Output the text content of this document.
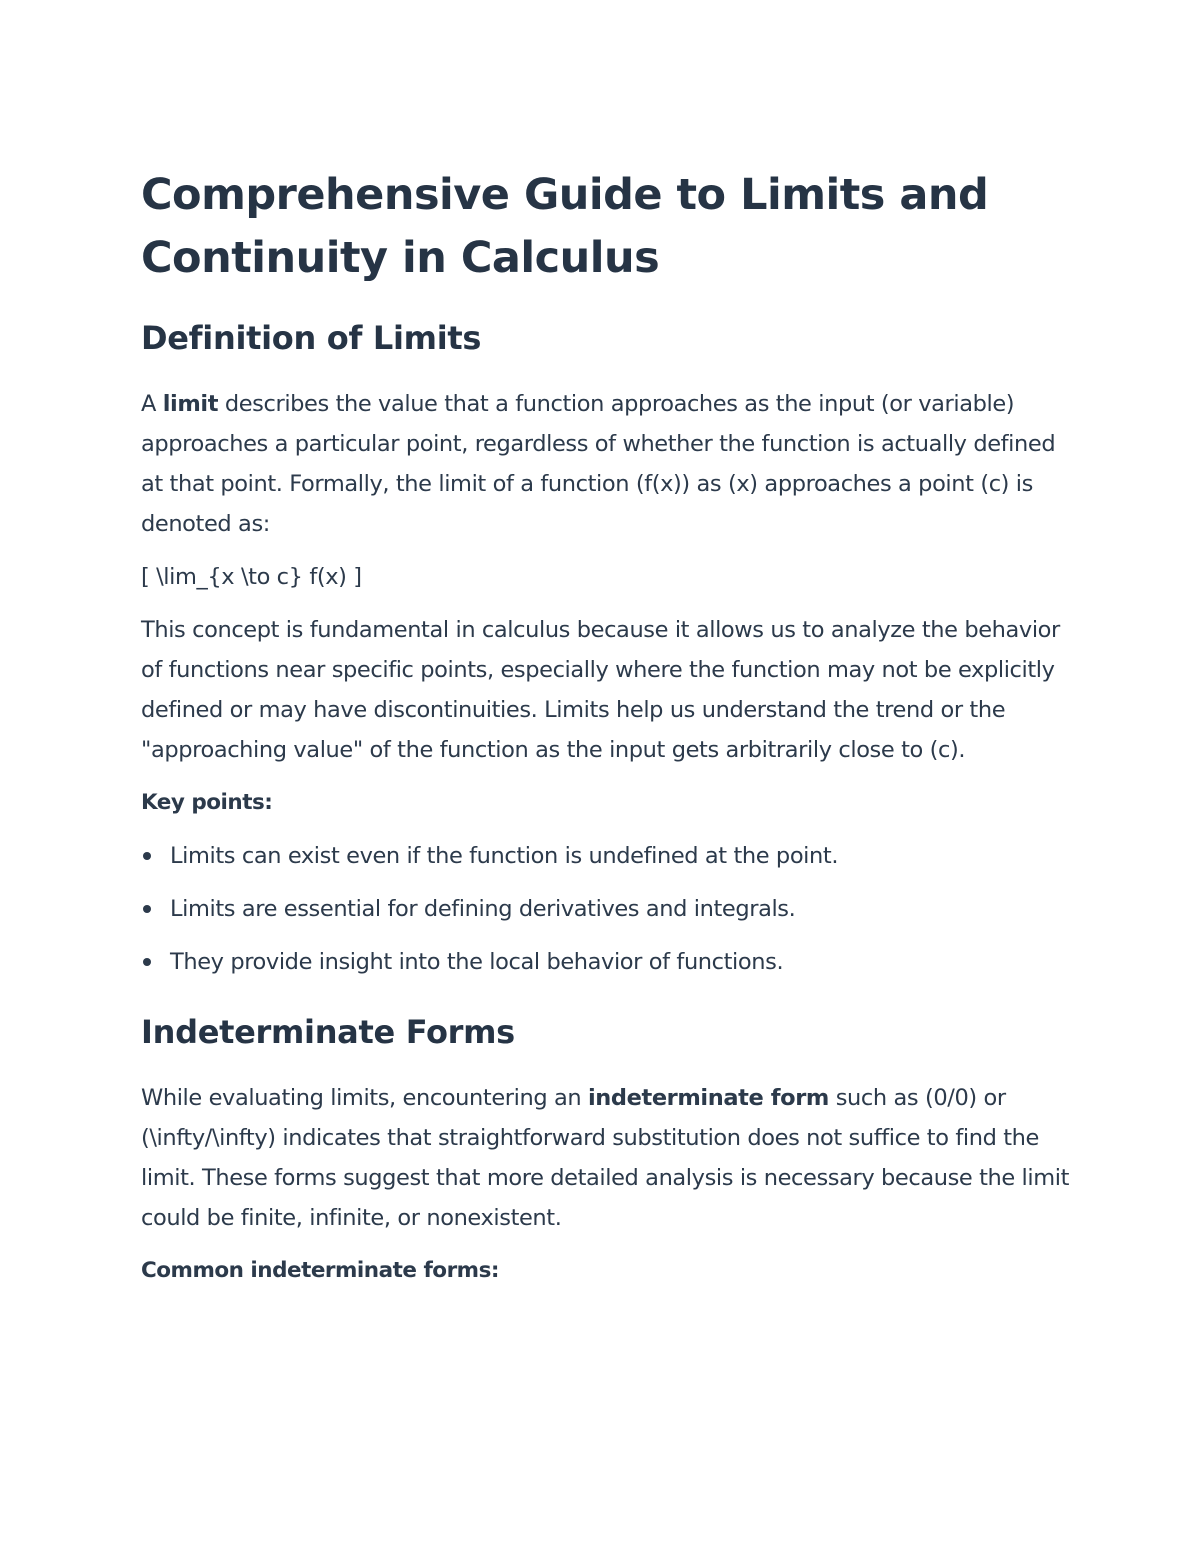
Comprehensive Guide to Limits and Continuity in Calculus
Definition of Limits

A limit describes the value that a function approaches as the input (or variable) approaches a particular point, regardless of whether the function is actually defined at that point. Formally, the limit of a function (f(x)) as (x) approaches a point (c) is denoted as:

[ \lim_{x \to c} f(x) ]

This concept is fundamental in calculus because it allows us to analyze the behavior of functions near specific points, especially where the function may not be explicitly defined or may have discontinuities. Limits help us understand the trend or the "approaching value" of the function as the input gets arbitrarily close to (c).

Key points:

Limits can exist even if the function is undefined at the point.
Limits are essential for defining derivatives and integrals.
They provide insight into the local behavior of functions.
Indeterminate Forms

While evaluating limits, encountering an indeterminate form such as (0/0) or (\infty/\infty) indicates that straightforward substitution does not suffice to find the limit. These forms suggest that more detailed analysis is necessary because the limit could be finite, infinite, or nonexistent.

Common indeterminate forms:
